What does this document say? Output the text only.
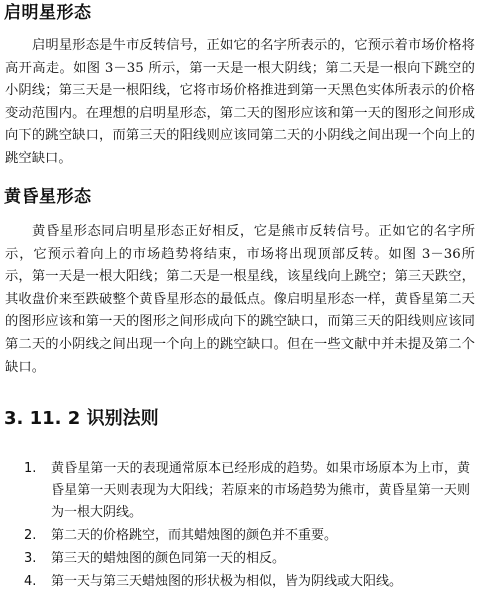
启明星形态

启明星形态是牛市反转信号，正如它的名字所表示的，它预示着市场价格将高开高走。如图 3－35 所示，第一天是一根大阴线；第二天是一根向下跳空的小阴线；第三天是一根阳线，它将市场价格推进到第一天黑色实体所表示的价格变动范围内。在理想的启明星形态，第二天的图形应该和第一天的图形之间形成向下的跳空缺口，而第三天的阳线则应该同第二天的小阴线之间出现一个向上的跳空缺口。

黄昏星形态

黄昏星形态同启明星形态正好相反，它是熊市反转信号。正如它的名字所示，它预示着向上的市场趋势将结束，市场将出现顶部反转。如图 3－36所示，第一天是一根大阳线；第二天是一根星线，该星线向上跳空；第三天跌空，其收盘价来至跌破整个黄昏星形态的最低点。像启明星形态一样，黄昏星第二天的图形应该和第一天的图形之间形成向下的跳空缺口，而第三天的阳线则应该同第二天的小阴线之间出现一个向上的跳空缺口。但在一些文献中并未提及第二个缺口。

3. 11. 2 识别法则
1. 黄昏星第一天的表现通常原本已经形成的趋势。如果市场原本为上市，黄昏星第一天则表现为大阳线；若原来的市场趋势为熊市，黄昏星第一天则为一根大阴线。
2. 第二天的价格跳空，而其蜡烛图的颜色并不重要。
3. 第三天的蜡烛图的颜色同第一天的相反。
4. 第一天与第三天蜡烛图的形状极为相似，皆为阴线或大阳线。
